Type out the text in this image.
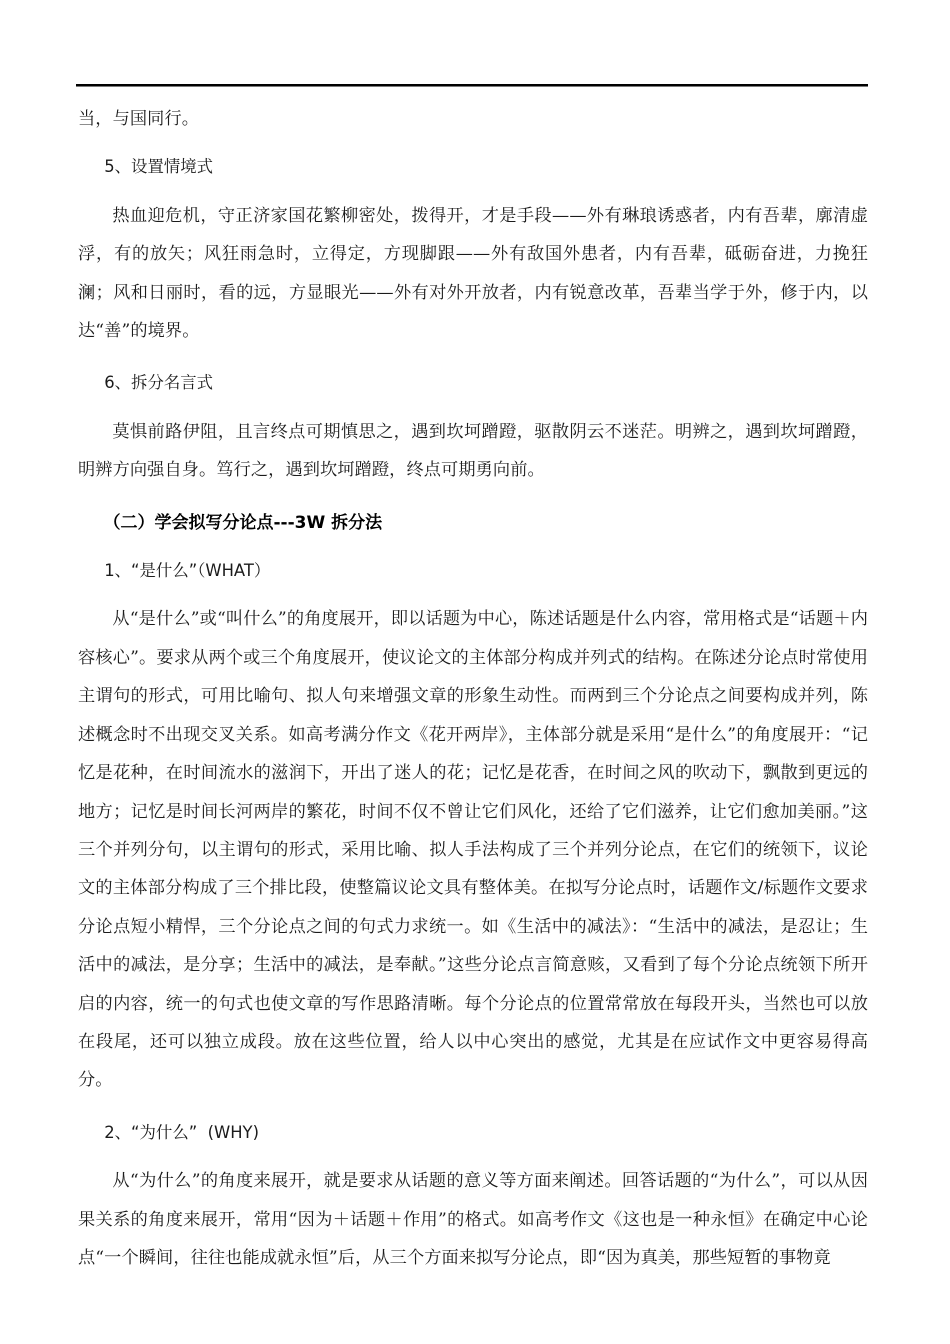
当，与国同行。

5、设置情境式

热血迎危机，守正济家国花繁柳密处，拨得开，才是手段——外有琳琅诱惑者，内有吾辈，廓清虚浮，有的放矢；风狂雨急时，立得定，方现脚跟——外有敌国外患者，内有吾辈，砥砺奋进，力挽狂澜；风和日丽时，看的远，方显眼光——外有对外开放者，内有锐意改革，吾辈当学于外，修于内，以达“善”的境界。

6、拆分名言式

莫惧前路伊阻，且言终点可期慎思之，遇到坎坷蹭蹬，驱散阴云不迷茫。明辨之，遇到坎坷蹭蹬，明辨方向强自身。笃行之，遇到坎坷蹭蹬，终点可期勇向前。

（二）学会拟写分论点---3W 拆分法

1、“是什么”（WHAT）

从“是什么”或“叫什么”的角度展开，即以话题为中心，陈述话题是什么内容，常用格式是“话题＋内容核心”。要求从两个或三个角度展开，使议论文的主体部分构成并列式的结构。在陈述分论点时常使用主谓句的形式，可用比喻句、拟人句来增强文章的形象生动性。而两到三个分论点之间要构成并列，陈述概念时不出现交叉关系。如高考满分作文《花开两岸》，主体部分就是采用“是什么”的角度展开：“记忆是花种，在时间流水的滋润下，开出了迷人的花；记忆是花香，在时间之风的吹动下，飘散到更远的地方；记忆是时间长河两岸的繁花，时间不仅不曾让它们风化，还给了它们滋养，让它们愈加美丽。”这三个并列分句，以主谓句的形式，采用比喻、拟人手法构成了三个并列分论点，在它们的统领下，议论文的主体部分构成了三个排比段，使整篇议论文具有整体美。在拟写分论点时，话题作文/标题作文要求分论点短小精悍，三个分论点之间的句式力求统一。如《生活中的减法》：“生活中的减法，是忍让；生活中的减法，是分享；生活中的减法，是奉献。”这些分论点言简意赅，又看到了每个分论点统领下所开启的内容，统一的句式也使文章的写作思路清晰。每个分论点的位置常常放在每段开头，当然也可以放在段尾，还可以独立成段。放在这些位置，给人以中心突出的感觉，尤其是在应试作文中更容易得高分。

2、“为什么”  (WHY)

从“为什么”的角度来展开，就是要求从话题的意义等方面来阐述。回答话题的“为什么”，可以从因果关系的角度来展开，常用“因为＋话题＋作用”的格式。如高考作文《这也是一种永恒》在确定中心论点“一个瞬间，往往也能成就永恒”后，从三个方面来拟写分论点，即“因为真美，那些短暂的事物竟
